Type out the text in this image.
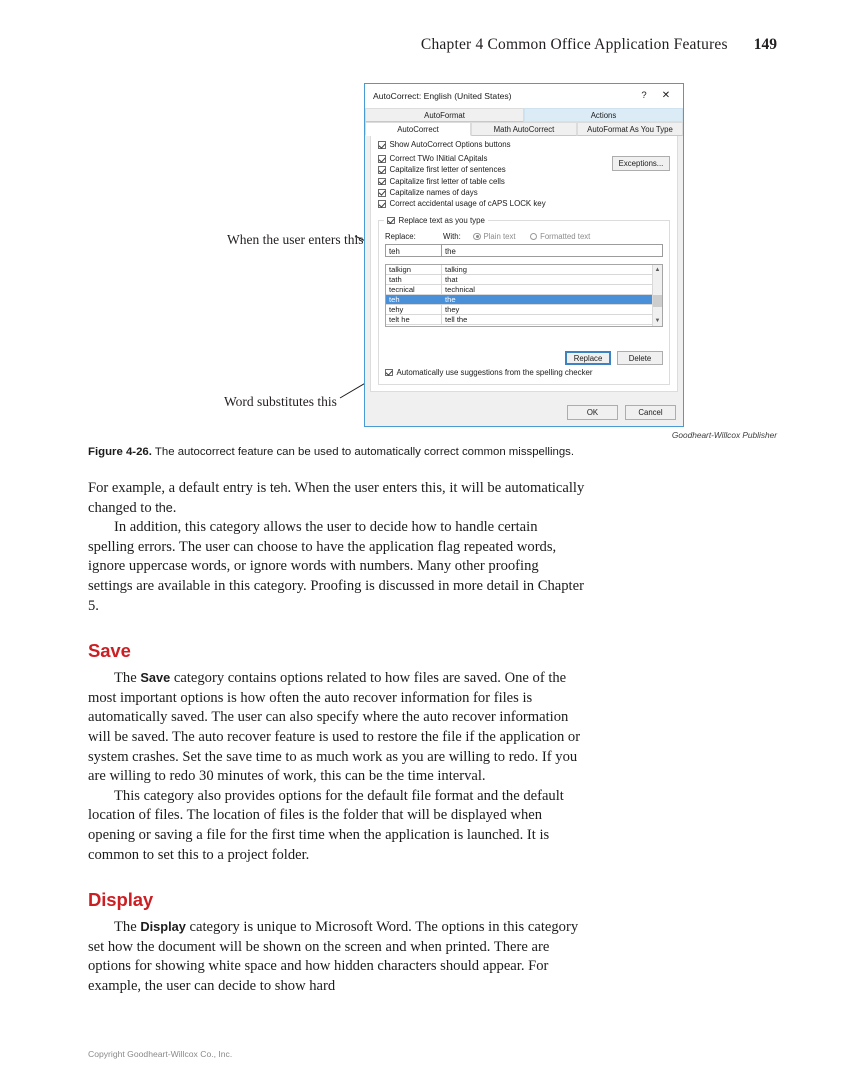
Chapter 4 Common Office Application Features 149
When the user enters this
Word substitutes this
AutoCorrect: English (United States)	?	✕
AutoFormat	Actions
AutoCorrect	Math AutoCorrect	AutoFormat As You Type
Show AutoCorrect Options buttons
Correct TWo INitial CApitals
Capitalize first letter of sentences
Capitalize first letter of table cells
Capitalize names of days
Correct accidental usage of cAPS LOCK key
Exceptions...
Replace text as you type
Replace:	With:	Plain text	Formatted text
teh	the
talkign	talking
tath	that
tecnical	technical
teh	the
tehy	they
telt he	tell the
▲
▼
Replace	Delete
Automatically use suggestions from the spelling checker
OK	Cancel
Goodheart-Willcox Publisher
Figure 4-26. The autocorrect feature can be used to automatically correct common misspellings.

For example, a default entry is teh. When the user enters this, it will be automatically changed to the.

In addition, this category allows the user to decide how to handle certain spelling errors. The user can choose to have the application flag repeated words, ignore uppercase words, or ignore words with numbers. Many other proofing settings are available in this category. Proofing is discussed in more detail in Chapter 5.

Save

The Save category contains options related to how files are saved. One of the most important options is how often the auto recover information for files is automatically saved. The user can also specify where the auto recover information will be saved. The auto recover feature is used to restore the file if the application or system crashes. Set the save time to as much work as you are willing to redo. If you are willing to redo 30 minutes of work, this can be the time interval.

This category also provides options for the default file format and the default location of files. The location of files is the folder that will be displayed when opening or saving a file for the first time when the application is launched. It is common to set this to a project folder.

Display

The Display category is unique to Microsoft Word. The options in this category set how the document will be shown on the screen and when printed. There are options for showing white space and how hidden characters should appear. For example, the user can decide to show hard

Copyright Goodheart-Willcox Co., Inc.
